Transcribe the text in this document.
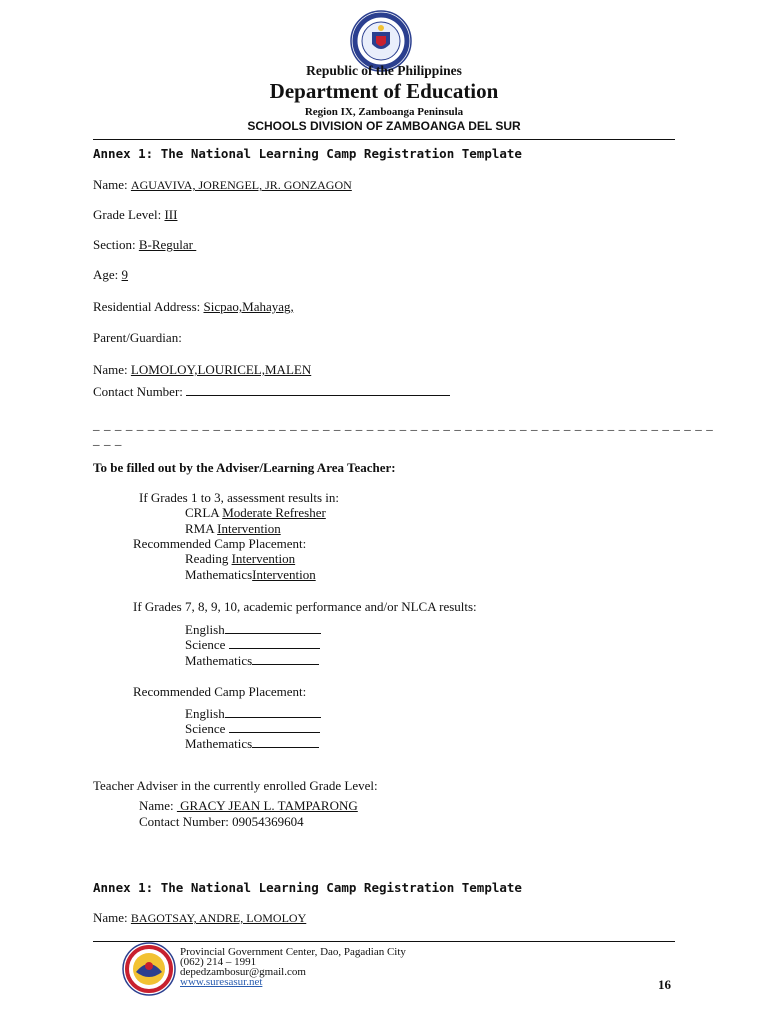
Republic of the Philippines
Department of Education
Region IX, Zamboanga Peninsula
SCHOOLS DIVISION OF ZAMBOANGA DEL SUR
Annex 1: The National Learning Camp Registration Template
Name: AGUAVIVA, JORENGEL, JR. GONZAGON
Grade Level: III
Section: B-Regular
Age: 9
Residential Address: Sicpao,Mahayag,
Parent/Guardian:
Name: LOMOLOY,LOURICEL,MALEN
Contact Number:
_ _ _ _ _ _ _ _ _ _ _ _ _ _ _ _ _ _ _ _ _ _ _ _ _ _ _ _ _ _ _ _ _ _ _ _ _ _ _ _ _ _ _ _ _ _ _ _ _ _ _ _ _ _ _ _ _
_ _ _
To be filled out by the Adviser/Learning Area Teacher:
If Grades 1 to 3, assessment results in:
CRLA Moderate Refresher
RMA Intervention
Recommended Camp Placement:
Reading Intervention
MathematicsIntervention
If Grades 7, 8, 9, 10, academic performance and/or NLCA results:
English
Science
Mathematics
Recommended Camp Placement:
English
Science
Mathematics
Teacher Adviser in the currently enrolled Grade Level:
Name:  GRACY JEAN L. TAMPARONG
Contact Number: 09054369604
Annex 1: The National Learning Camp Registration Template
Name: BAGOTSAY, ANDRE, LOMOLOY
Provincial Government Center, Dao, Pagadian City
(062) 214 – 1991
depedzambosur@gmail.com
www.suresasur.net	16
